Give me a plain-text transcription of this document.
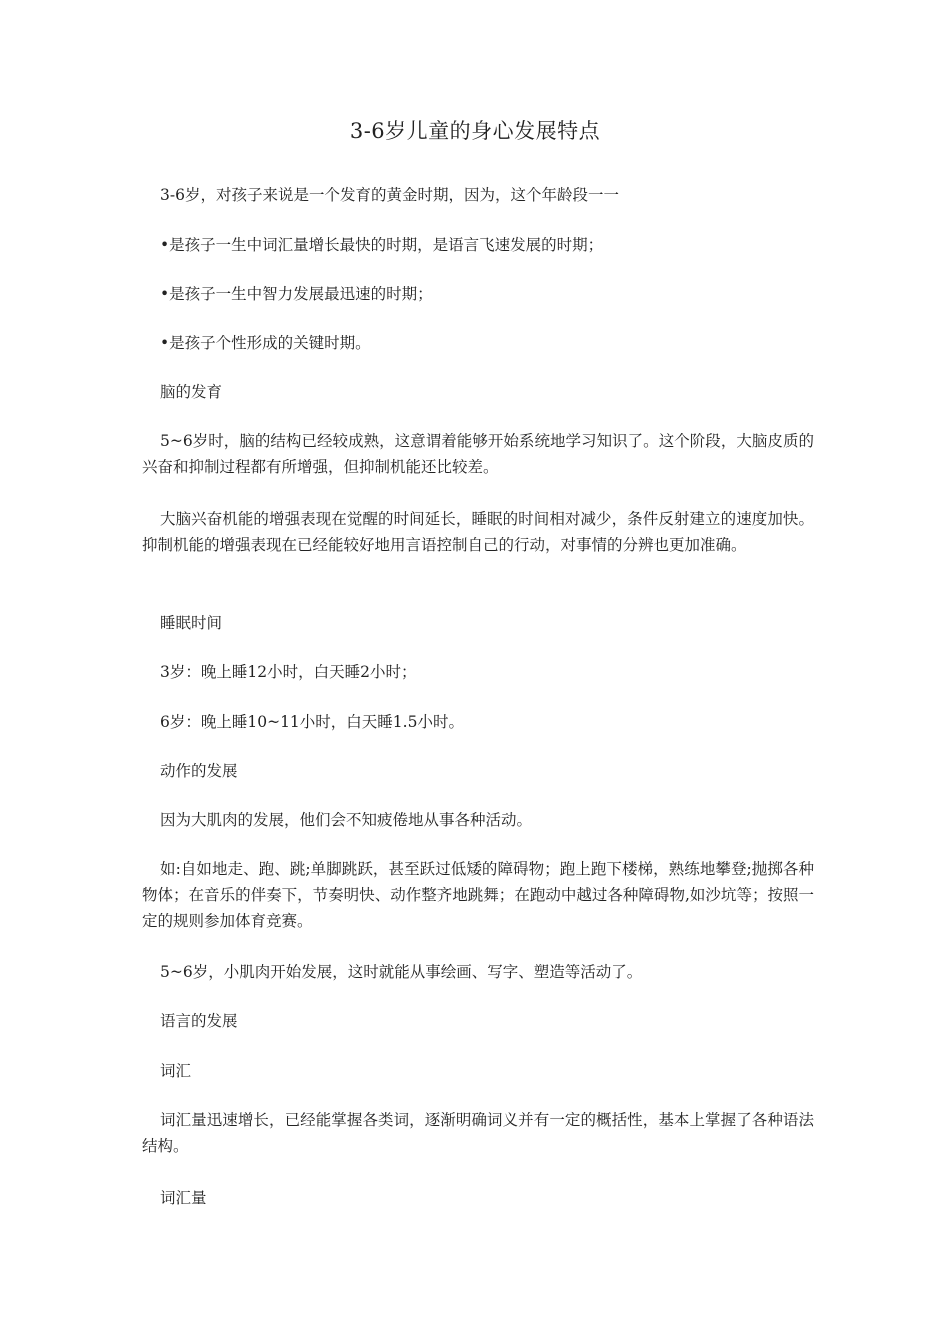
3-6岁儿童的身心发展特点

3-6岁，对孩子来说是一个发育的黄金时期，因为，这个年龄段一一

•是孩子一生中词汇量增长最快的时期，是语言飞速发展的时期；

•是孩子一生中智力发展最迅速的时期；

•是孩子个性形成的关键时期。

脑的发育

5~6岁时，脑的结构已经较成熟，这意谓着能够开始系统地学习知识了。这个阶段，大脑皮质的兴奋和抑制过程都有所增强，但抑制机能还比较差。

大脑兴奋机能的增强表现在觉醒的时间延长，睡眠的时间相对减少，条件反射建立的速度加快。抑制机能的增强表现在已经能较好地用言语控制自己的行动，对事情的分辨也更加准确。

睡眠时间

3岁：晚上睡12小时，白天睡2小时；

6岁：晚上睡10~11小时，白天睡1.5小时。

动作的发展

因为大肌肉的发展，他们会不知疲倦地从事各种活动。

如:自如地走、跑、跳;单脚跳跃，甚至跃过低矮的障碍物；跑上跑下楼梯，熟练地攀登;抛掷各种物体；在音乐的伴奏下，节奏明快、动作整齐地跳舞；在跑动中越过各种障碍物,如沙坑等；按照一定的规则参加体育竞赛。

5~6岁，小肌肉开始发展，这时就能从事绘画、写字、塑造等活动了。

语言的发展

词汇

词汇量迅速增长，已经能掌握各类词，逐渐明确词义并有一定的概括性，基本上掌握了各种语法结构。

词汇量
